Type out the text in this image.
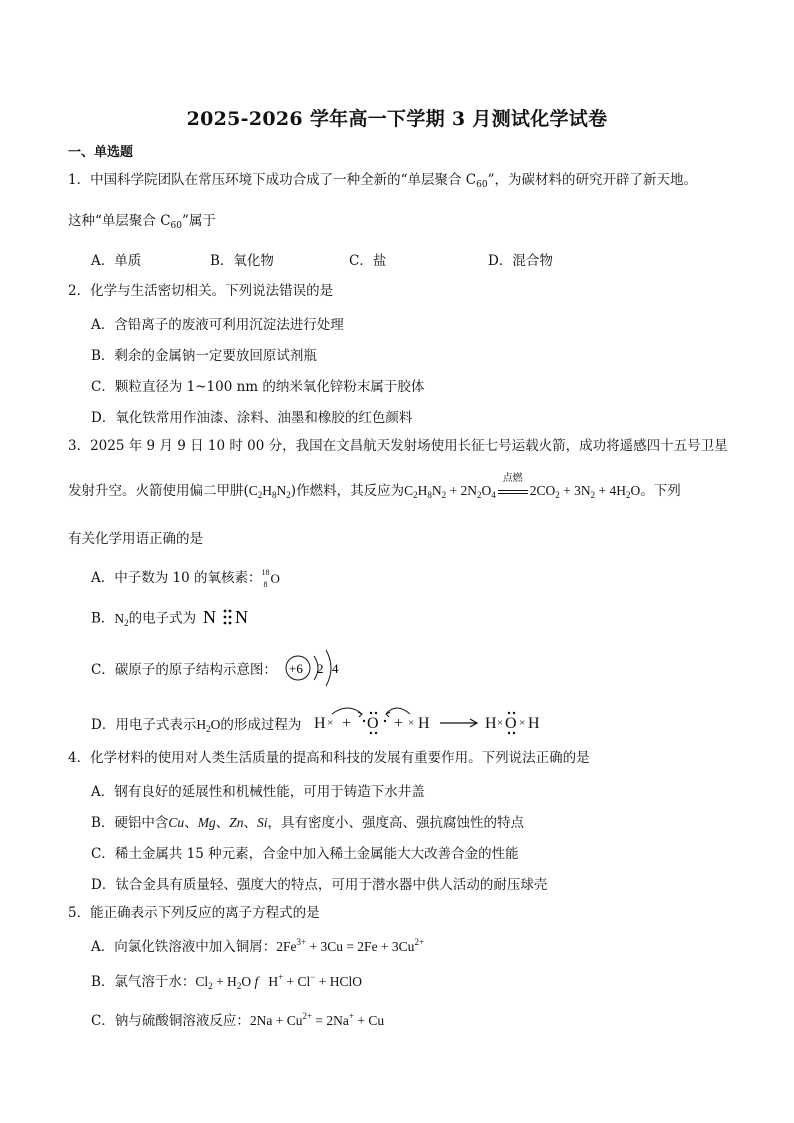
2025-2026 学年高一下学期 3 月测试化学试卷
一、单选题
1．中国科学院团队在常压环境下成功合成了一种全新的“单层聚合 $C_{60}$”，为碳材料的研究开辟了新天地。
这种“单层聚合 $C_{60}$”属于
A．单质	B．氧化物	C．盐	D．混合物
2．化学与生活密切相关。下列说法错误的是
A．含铅离子的废液可利用沉淀法进行处理
B．剩余的金属钠一定要放回原试剂瓶
C．颗粒直径为 1~100 nm 的纳米氧化锌粉末属于胶体
D．氧化铁常用作油漆、涂料、油墨和橡胶的红色颜料
3．2025 年 9 月 9 日 10 时 00 分，我国在文昌航天发射场使用长征七号运载火箭，成功将遥感四十五号卫星
发射升空。火箭使用偏二甲肼$(C_2H_8N_2)$作燃料，其反应为$C_2H_8N_2 + 2N_2O_4$
点燃
$2CO_2 + 3N_2 + 4H_2O$。下列
有关化学用语正确的是
A．中子数为 10 的氧核素： 18
8 O
B．$N_2$的电子式为 N N
C．碳原子的原子结构示意图： +6 2 4
D．用电子式表示$H_2O$的形成过程为 H × + O + × H	H × O × H
4．化学材料的使用对人类生活质量的提高和科技的发展有重要作用。下列说法正确的是
A．钢有良好的延展性和机械性能，可用于铸造下水井盖
B．硬铝中含Cu、Mg、Zn、Si，具有密度小、强度高、强抗腐蚀性的特点
C．稀土金属共 15 种元素，合金中加入稀土金属能大大改善合金的性能
D．钛合金具有质量轻、强度大的特点，可用于潜水器中供人活动的耐压球壳
5．能正确表示下列反应的离子方程式的是
A．向氯化铁溶液中加入铜屑：$2Fe^{3+} + 3Cu = 2Fe + 3Cu^{2+}$
B．氯气溶于水：$Cl_2 + H_2O$ f   H+ + Cl− + HClO
C．钠与硫酸铜溶液反应：$2Na + Cu^{2+} = 2Na^+ + Cu$
